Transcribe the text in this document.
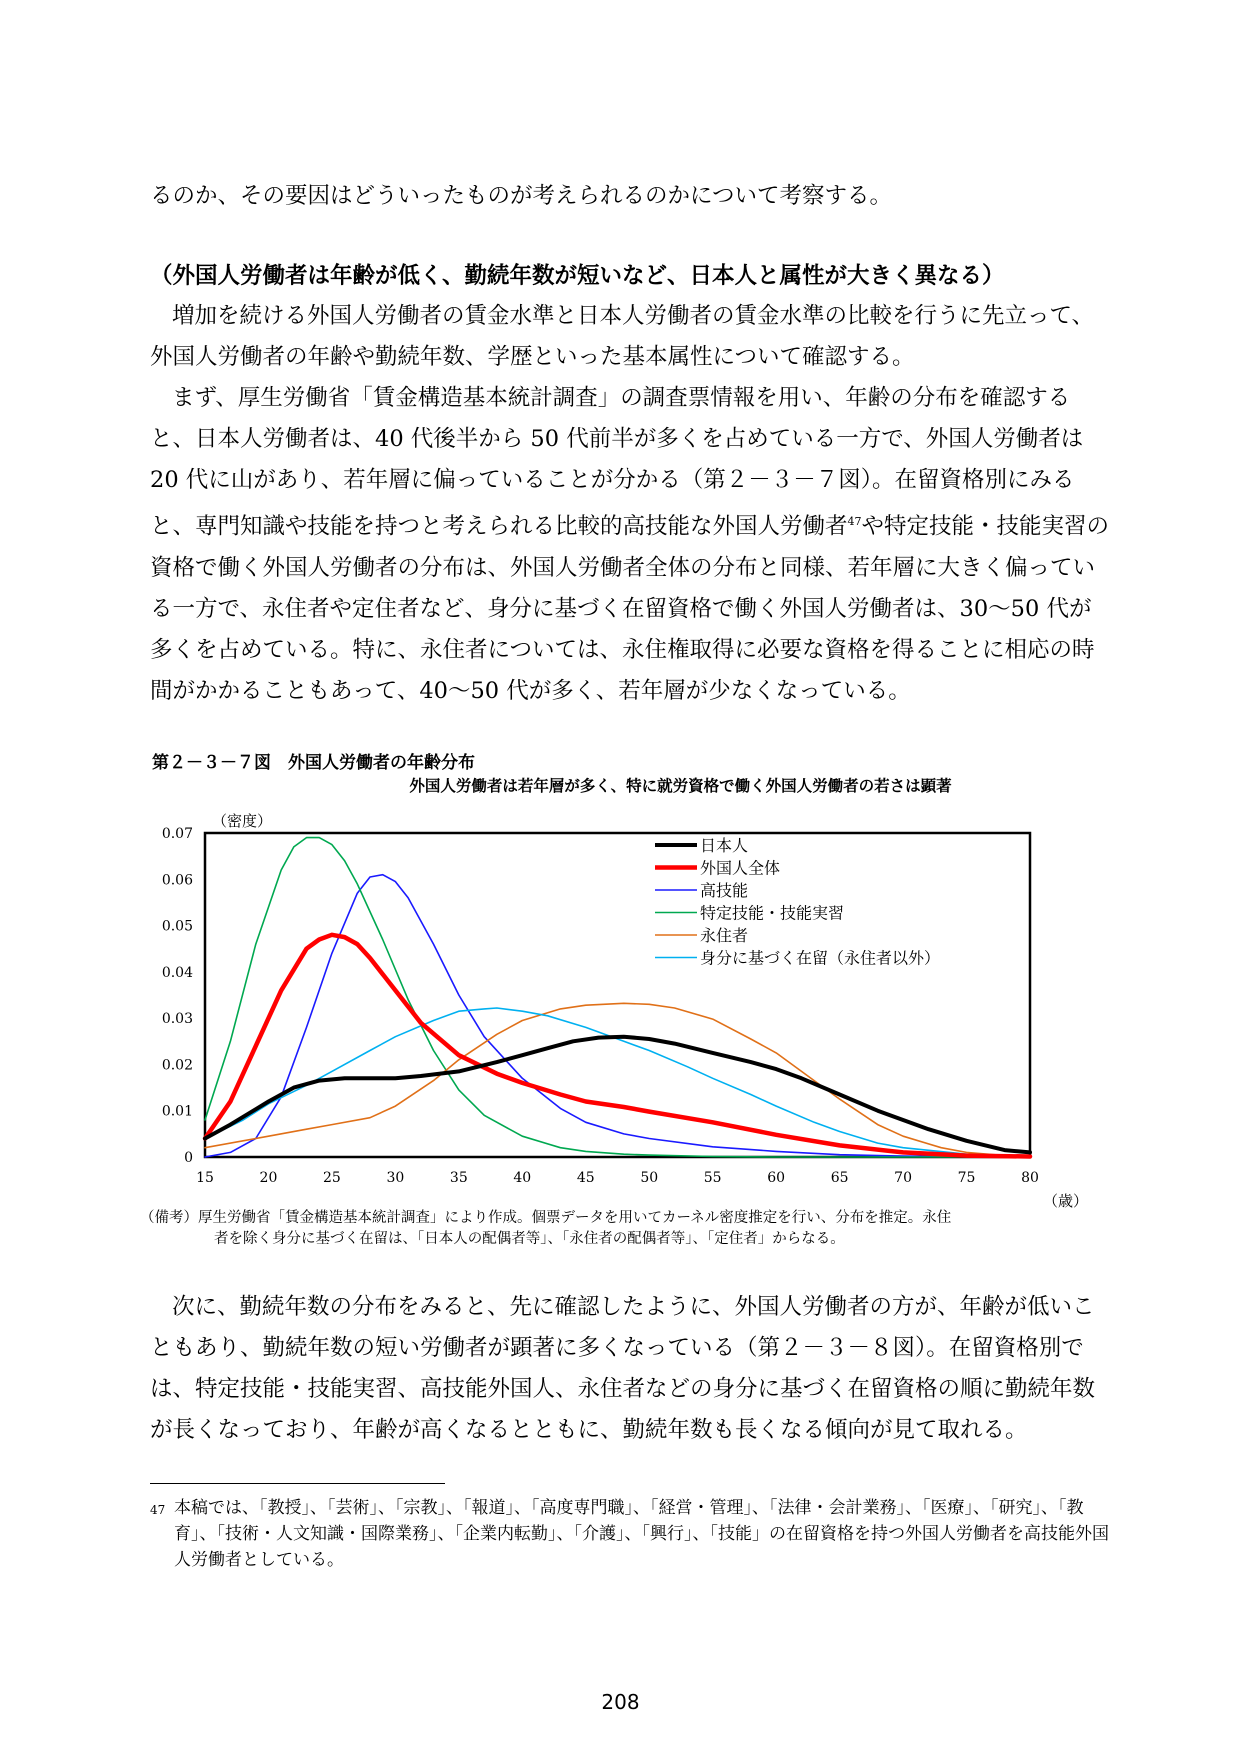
るのか、その要因はどういったものが考えられるのかについて考察する。

（外国人労働者は年齢が低く、勤続年数が短いなど、日本人と属性が大きく異なる）

増加を続ける外国人労働者の賃金水準と日本人労働者の賃金水準の比較を行うに先立って、外国人労働者の年齢や勤続年数、学歴といった基本属性について確認する。

まず、厚生労働省「賃金構造基本統計調査」の調査票情報を用い、年齢の分布を確認すると、日本人労働者は、40 代後半から 50 代前半が多くを占めている一方で、外国人労働者は 20 代に山があり、若年層に偏っていることが分かる（第２－３－７図）。在留資格別にみると、専門知識や技能を持つと考えられる比較的高技能な外国人労働者$^{47}$や特定技能・技能実習の資格で働く外国人労働者の分布は、外国人労働者全体の分布と同様、若年層に大きく偏っている一方で、永住者や定住者など、身分に基づく在留資格で働く外国人労働者は、30～50 代が多くを占めている。特に、永住者については、永住権取得に必要な資格を得ることに相応の時間がかかることもあって、40～50 代が多く、若年層が少なくなっている。

第２－３－７図　外国人労働者の年齢分布
外国人労働者は若年層が多く、特に就労資格で働く外国人労働者の若さは顕著
0
0.01
0.02
0.03
0.04
0.05
0.06
0.07
15	20	25	30	35	40	45	50	55	60	65	70	75	80
（密度）
（歳）
日本人
外国人全体
高技能
特定技能・技能実習
永住者
身分に基づく在留（永住者以外）

（備考）厚生労働省「賃金構造基本統計調査」により作成。個票データを用いてカーネル密度推定を行い、分布を推定。永住

者を除く身分に基づく在留は、「日本人の配偶者等」、「永住者の配偶者等」、「定住者」からなる。

次に、勤続年数の分布をみると、先に確認したように、外国人労働者の方が、年齢が低いこともあり、勤続年数の短い労働者が顕著に多くなっている（第２－３－８図）。在留資格別では、特定技能・技能実習、高技能外国人、永住者などの身分に基づく在留資格の順に勤続年数が長くなっており、年齢が高くなるとともに、勤続年数も長くなる傾向が見て取れる。

47 本稿では、「教授」、「芸術」、「宗教」、「報道」、「高度専門職」、「経営・管理」、「法律・会計業務」、「医療」、「研究」、「教育」、「技術・人文知識・国際業務」、「企業内転勤」、「介護」、「興行」、「技能」の在留資格を持つ外国人労働者を高技能外国人労働者としている。

208
